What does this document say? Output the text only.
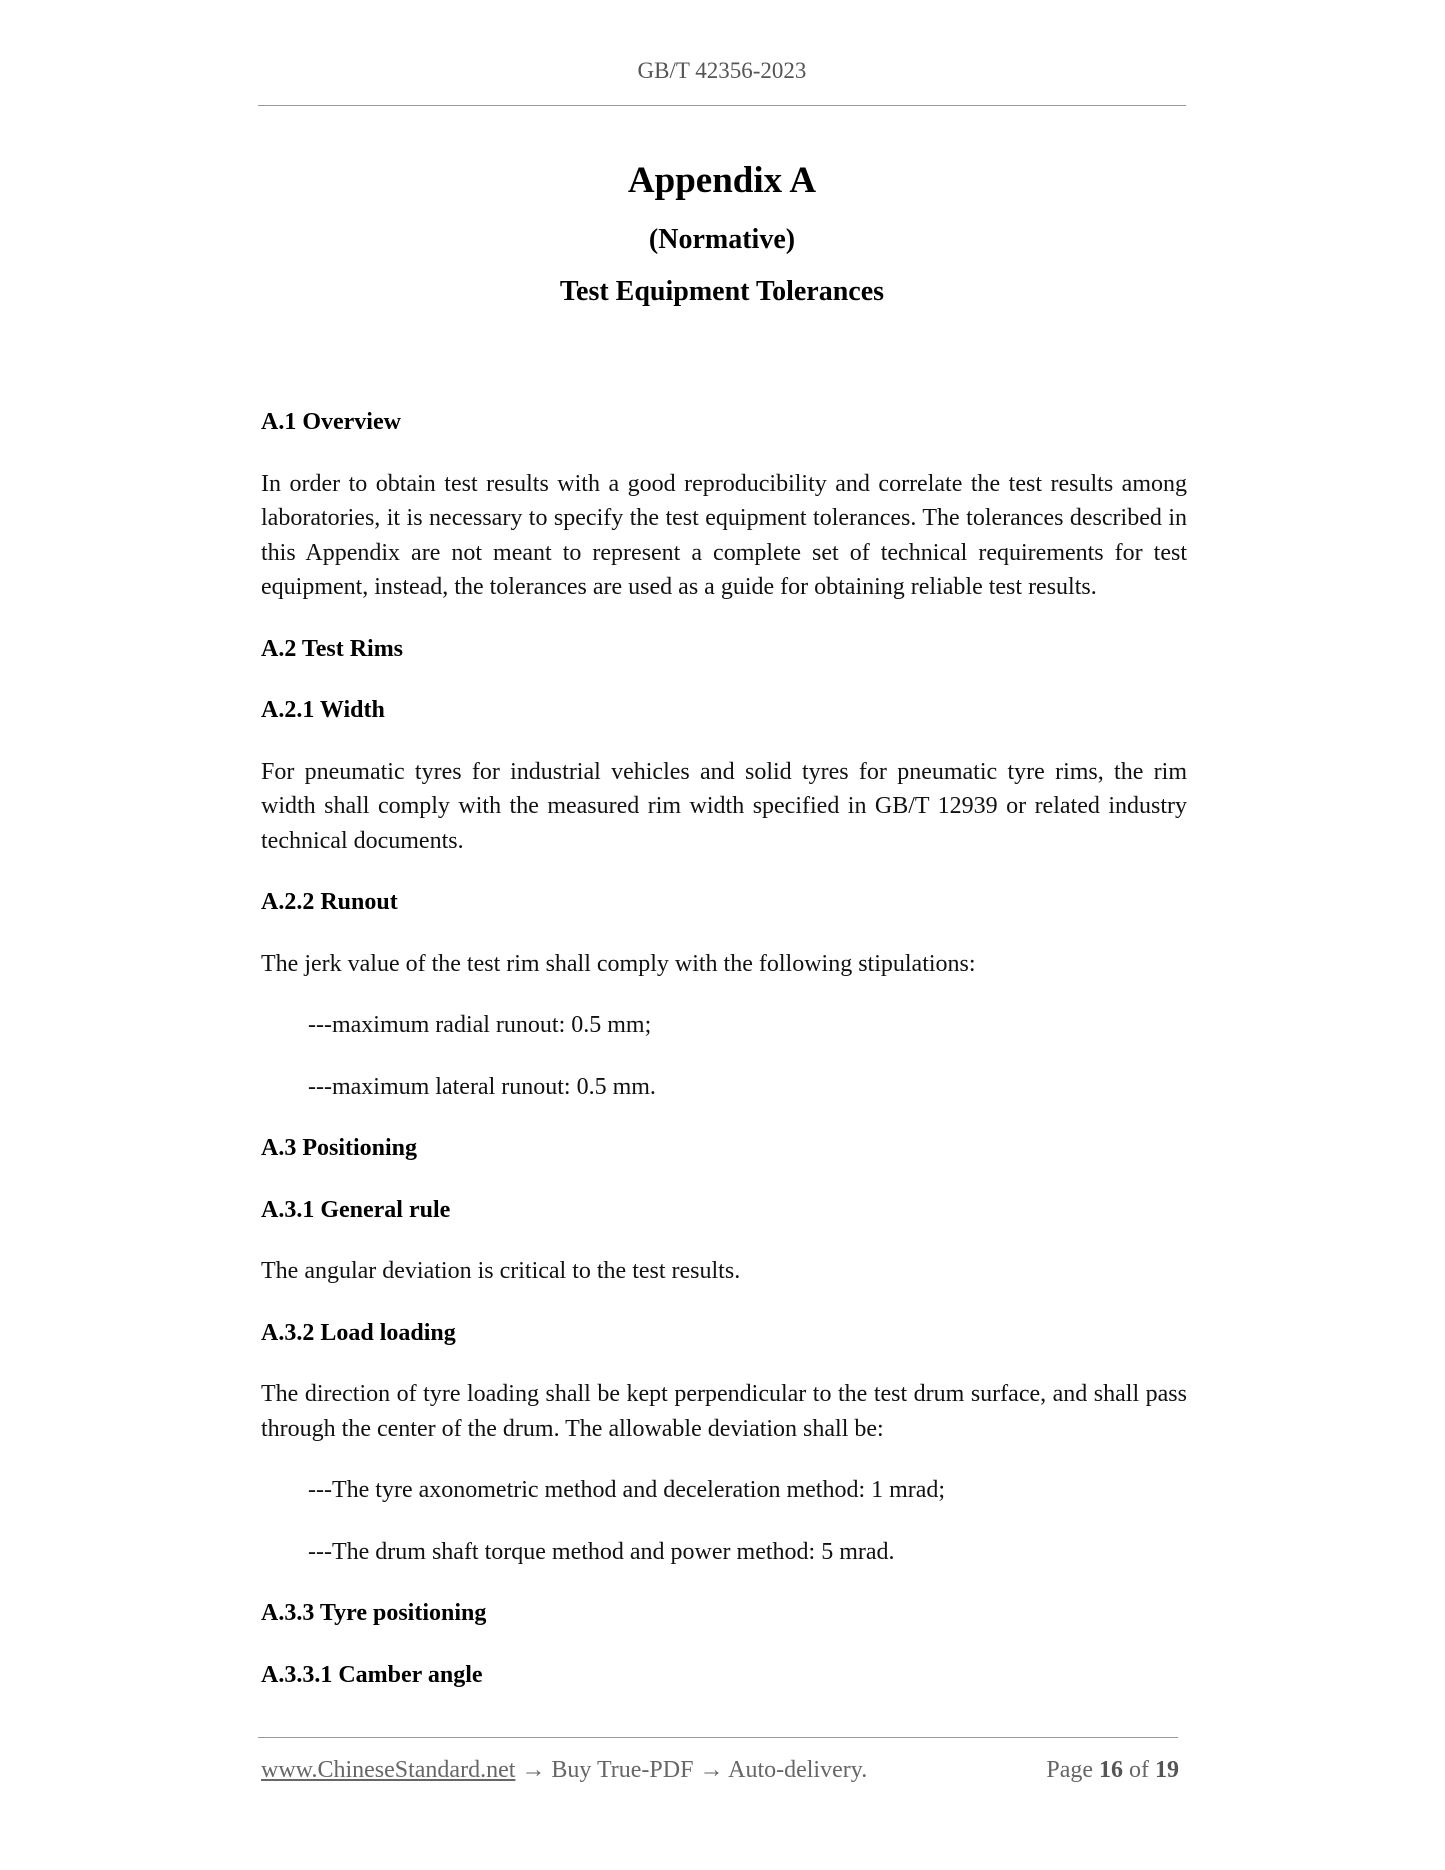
GB/T 42356-2023
Appendix A
(Normative)
Test Equipment Tolerances
A.1 Overview
In order to obtain test results with a good reproducibility and correlate the test results among laboratories, it is necessary to specify the test equipment tolerances. The tolerances described in this Appendix are not meant to represent a complete set of technical requirements for test equipment, instead, the tolerances are used as a guide for obtaining reliable test results.
A.2 Test Rims
A.2.1 Width
For pneumatic tyres for industrial vehicles and solid tyres for pneumatic tyre rims, the rim width shall comply with the measured rim width specified in GB/T 12939 or related industry technical documents.
A.2.2 Runout
The jerk value of the test rim shall comply with the following stipulations:
---maximum radial runout: 0.5 mm;
---maximum lateral runout: 0.5 mm.
A.3 Positioning
A.3.1 General rule
The angular deviation is critical to the test results.
A.3.2 Load loading
The direction of tyre loading shall be kept perpendicular to the test drum surface, and shall pass through the center of the drum. The allowable deviation shall be:
---The tyre axonometric method and deceleration method: 1 mrad;
---The drum shaft torque method and power method: 5 mrad.
A.3.3 Tyre positioning
A.3.3.1 Camber angle
www.ChineseStandard.net → Buy True-PDF → Auto-delivery.	Page 16 of 19
